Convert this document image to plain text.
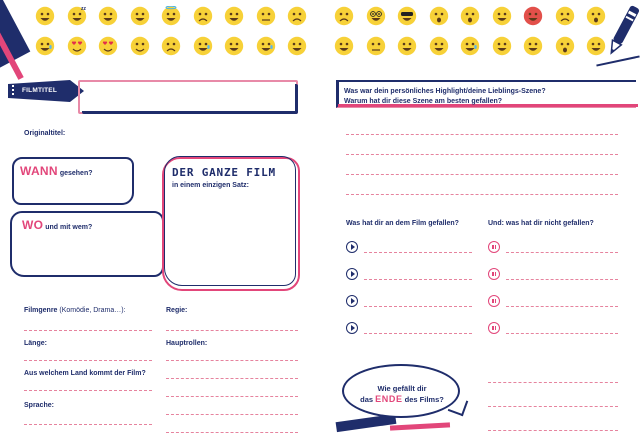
zz
FILMTITEL
Originaltitel:
WANN gesehen?
WO und mit wem?
DER GANZE FILM
in einem einzigen Satz:
Filmgenre (Komödie, Drama…):	Regie:
Länge:	Hauptrollen:
Aus welchem Land kommt der Film?
Sprache:
Was war dein persönliches Highlight/deine Lieblings-Szene?
Warum hat dir diese Szene am besten gefallen?
Was hat dir an dem Film gefallen?	Und: was hat dir nicht gefallen?
Wie gefällt dir
das ENDE des Films?
